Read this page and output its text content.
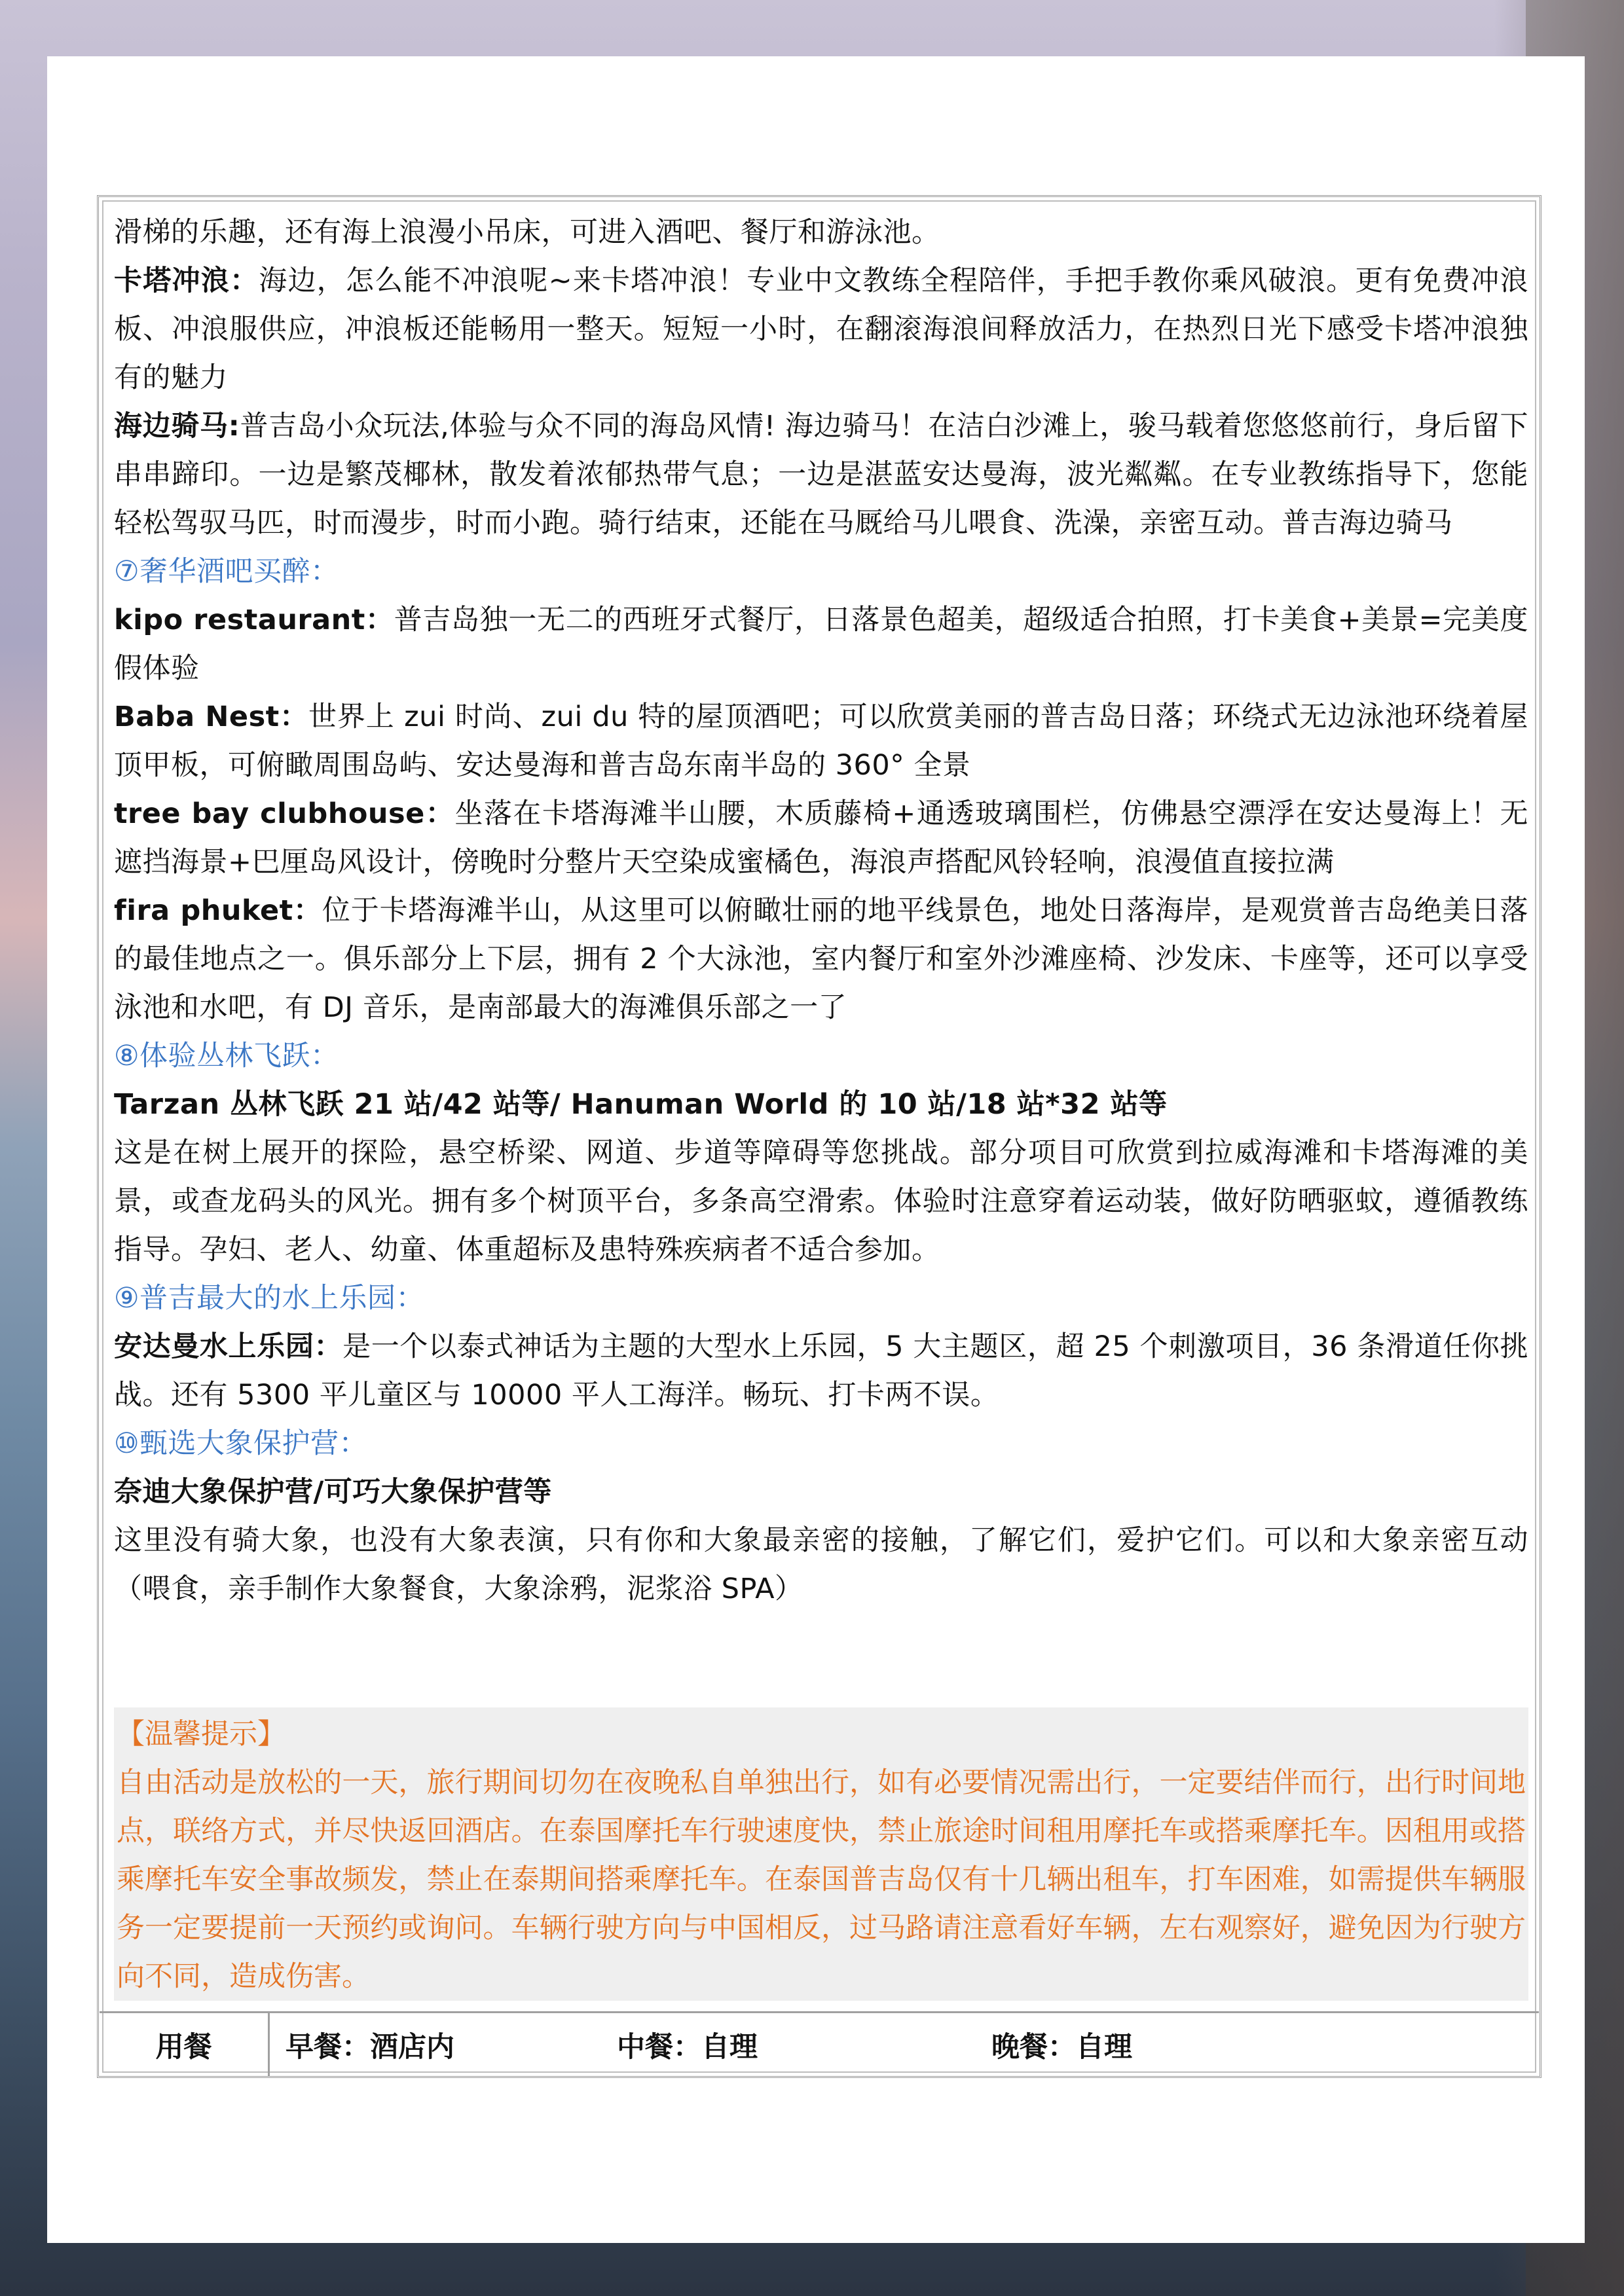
滑梯的乐趣，还有海上浪漫小吊床，可进入酒吧、餐厅和游泳池。

卡塔冲浪：海边，怎么能不冲浪呢~来卡塔冲浪！专业中文教练全程陪伴，手把手教你乘风破浪。更有免费冲浪板、冲浪服供应，冲浪板还能畅用一整天。短短一小时，在翻滚海浪间释放活力，在热烈日光下感受卡塔冲浪独有的魅力

海边骑马:普吉岛小众玩法,体验与众不同的海岛风情! 海边骑马！在洁白沙滩上，骏马载着您悠悠前行，身后留下串串蹄印。一边是繁茂椰林，散发着浓郁热带气息；一边是湛蓝安达曼海，波光粼粼。在专业教练指导下，您能轻松驾驭马匹，时而漫步，时而小跑。骑行结束，还能在马厩给马儿喂食、洗澡，亲密互动。普吉海边骑马

⑦奢华酒吧买醉：

kipo restaurant：普吉岛独一无二的西班牙式餐厅，日落景色超美，超级适合拍照，打卡美食+美景=完美度假体验

Baba Nest：世界上 zui 时尚、zui du 特的屋顶酒吧；可以欣赏美丽的普吉岛日落；环绕式无边泳池环绕着屋顶甲板，可俯瞰周围岛屿、安达曼海和普吉岛东南半岛的 360° 全景

tree bay clubhouse：坐落在卡塔海滩半山腰，木质藤椅+通透玻璃围栏，仿佛悬空漂浮在安达曼海上！无遮挡海景+巴厘岛风设计，傍晚时分整片天空染成蜜橘色，海浪声搭配风铃轻响，浪漫值直接拉满

fira phuket：位于卡塔海滩半山，从这里可以俯瞰壮丽的地平线景色，地处日落海岸，是观赏普吉岛绝美日落的最佳地点之一。俱乐部分上下层，拥有 2 个大泳池，室内餐厅和室外沙滩座椅、沙发床、卡座等，还可以享受泳池和水吧，有 DJ 音乐，是南部最大的海滩俱乐部之一了

⑧体验丛林飞跃：

Tarzan 丛林飞跃 21 站/42 站等/ Hanuman World 的 10 站/18 站*32 站等

这是在树上展开的探险，悬空桥梁、网道、步道等障碍等您挑战。部分项目可欣赏到拉威海滩和卡塔海滩的美景，或查龙码头的风光。拥有多个树顶平台，多条高空滑索。体验时注意穿着运动装，做好防晒驱蚊，遵循教练指导。孕妇、老人、幼童、体重超标及患特殊疾病者不适合参加。

⑨普吉最大的水上乐园：

安达曼水上乐园：是一个以泰式神话为主题的大型水上乐园，5 大主题区，超 25 个刺激项目，36 条滑道任你挑战。还有 5300 平儿童区与 10000 平人工海洋。畅玩、打卡两不误。

⑩甄选大象保护营：

奈迪大象保护营/可巧大象保护营等

这里没有骑大象，也没有大象表演，只有你和大象最亲密的接触，了解它们，爱护它们。可以和大象亲密互动（喂食，亲手制作大象餐食，大象涂鸦，泥浆浴 SPA）

【温馨提示】

自由活动是放松的一天，旅行期间切勿在夜晚私自单独出行，如有必要情况需出行，一定要结伴而行，出行时间地点，联络方式，并尽快返回酒店。在泰国摩托车行驶速度快，禁止旅途时间租用摩托车或搭乘摩托车。因租用或搭乘摩托车安全事故频发，禁止在泰期间搭乘摩托车。在泰国普吉岛仅有十几辆出租车，打车困难，如需提供车辆服务一定要提前一天预约或询问。车辆行驶方向与中国相反，过马路请注意看好车辆，左右观察好，避免因为行驶方向不同，造成伤害。

用餐	早餐：酒店内	中餐：自理	晚餐：自理
